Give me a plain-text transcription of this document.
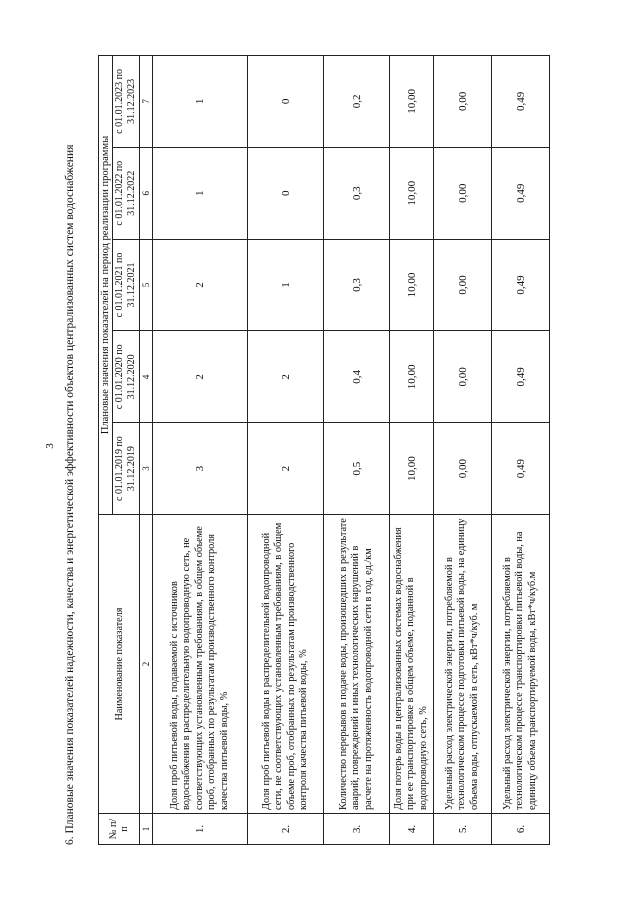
3 6. Плановые значения показателей надежности, качества и энергетической эффективности объектов централизованных систем водоснабжения	№ п/п	Наименование показателя	Плановые значения показателей на период реализации программы				
		с 01.01.2019 по 31.12.2019	с 01.01.2020 по 31.12.2020	с 01.01.2021 по 31.12.2021	с 01.01.2022 по 31.12.2022	с 01.01.2023 по 31.12.2023
1	2	3	4	5	6	7
1.	Доля проб питьевой воды, подаваемой с источников водоснабжения в распределительную водопроводную сеть, не соответствующих установленным требованиям, в общем объеме проб, отобранных по результатам производственного контроля качества питьевой воды, %	3	2	2	1	1
2.	Доля проб питьевой воды в распределительной водопроводной сети, не соответствующих установленным требованиям, в общем объеме проб, отобранных по результатам производственного контроля качества питьевой воды, %	2	2	1	0	0
3.	Количество перерывов в подаче воды, произошедших в результате аварий, повреждений и иных технологических нарушений в расчете на протяженность водопроводной сети в год, ед./км	0,5	0,4	0,3	0,3	0,2
4.	Доля потерь воды в централизованных системах водоснабжения при ее транспортировке в общем объеме, поданной в водопроводную сеть, %	10,00	10,00	10,00	10,00	10,00
5.	Удельный расход электрической энергии, потребляемой в технологическом процессе подготовки питьевой воды, на единицу объема воды, отпускаемой в сеть, кВт*ч/куб. м	0,00	0,00	0,00	0,00	0,00
6.	Удельный расход электрической энергии, потребляемой в технологическом процессе транспортировки питьевой воды, на единицу объема транспортируемой воды, кВт*ч/куб.м	0,49	0,49	0,49	0,49	0,49
